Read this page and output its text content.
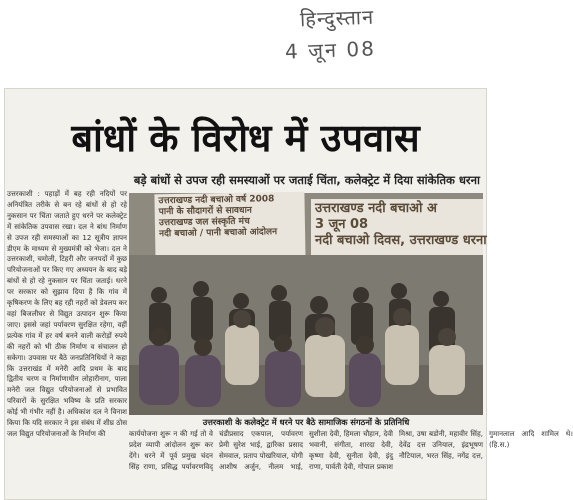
हिन्दुस्तान
4 जून 08
बांधों के विरोध में उपवास
बड़े बांधों से उपज रही समस्याओं पर जताई चिंता, कलेक्ट्रेट में दिया सांकेतिक धरना
उत्तरकाशी : पहाड़ों में बह रही नदियों पर अनियंत्रित तरीके से बन रहे बांधों से हो रहे नुकसान पर चिंता जताते हुए धरने पर कलेक्ट्रेट में सांकेतिक उपवास रखा। दल ने बांध निर्माण से उपज रही समस्याओं का 12 सूत्रीय ज्ञापन डीएम के माध्यम से मुख्यमंत्री को भेजा। दल ने उत्तरकाशी, चमोली, टिहरी और जनपदों में कुछ परियोजनाओं पर किए गए अध्ययन के बाद बड़े बांधों से हो रहे नुकसान पर चिंता जताई। धरने पर सरकार को सुझाव दिया है कि गांव में कृषिकरण के लिए बह रही नहरों को डेवलप कर वहां बिजलीघर से विद्युत उत्पादन शुरू किया जाए। इससे जहां पर्यावरण सुरक्षित रहेगा, वहीं प्रत्येक गांव में हर वर्ष बनने वाली करोड़ों रुपये की नहरों को भी ठीक निर्माण व संचालन हो सकेगा। उपवास पर बैठे जनप्रतिनिधियों ने कहा कि उत्तराखंड में मनेरी आदि प्रथम के बाद द्वितीय चरण व निर्माणाधीन लोहारीनाग, पाला मनेरी जल विद्युत परियोजनाओं से प्रभावित परिवारों के सुरक्षित भविष्य के प्रति सरकार कोई भी गंभीर नहीं है। अधिकांश दल ने विनाश किया कि यदि सरकार ने इस संबंध में शीघ्र ठोस जल विद्युत परियोजनाओं के निर्माण की
उत्तराखण्ड नदी बचाओ वर्ष 2008
पानी के सौदागरों से सावधान
उत्तराखण्ड जल संस्कृति मंच
नदी बचाओ / पानी बचाओ आंदोलन
उत्तराखण्ड नदी बचाओ अ
3 जून 08
नदी बचाओ दिवस, उत्तराखण्ड धरना
उत्तरकाशी के कलेक्ट्रेट में धरने पर बैठे सामाजिक संगठनों के प्रतिनिधि
कार्ययोजना शुरू न की गई तो वे प्रदेश व्यापी आंदोलन शुरू कर देंगे। धरने में पूर्व प्रमुख चंदन सिंह राणा, प्रसिद्ध पर्यावरणविद् चंडीप्रसाद एकपाल, पर्यावरण प्रेमी सुरेश भाई, द्वारिका प्रसाद सेमवाल, प्रताप पोखरियाल, योगी आशीष अर्जुन, नीलम भाई, सुशीला देवी, हिमला चौहान, देवी भवानी, संगीता, शारदा देवी, कृष्णा देवी, सुनीता देवी, इंदु राणा, पार्वती देवी, गोपाल प्रकाश मिश्रा, उषा बडोनी, महावीर सिंह, देवेंद्र दत्त उनियाल, इंद्रभूषण नौटियाल, भरत सिंह, नगेंद्र दत्त, गुमानलाल आदि शामिल थे। (हि.स.)
